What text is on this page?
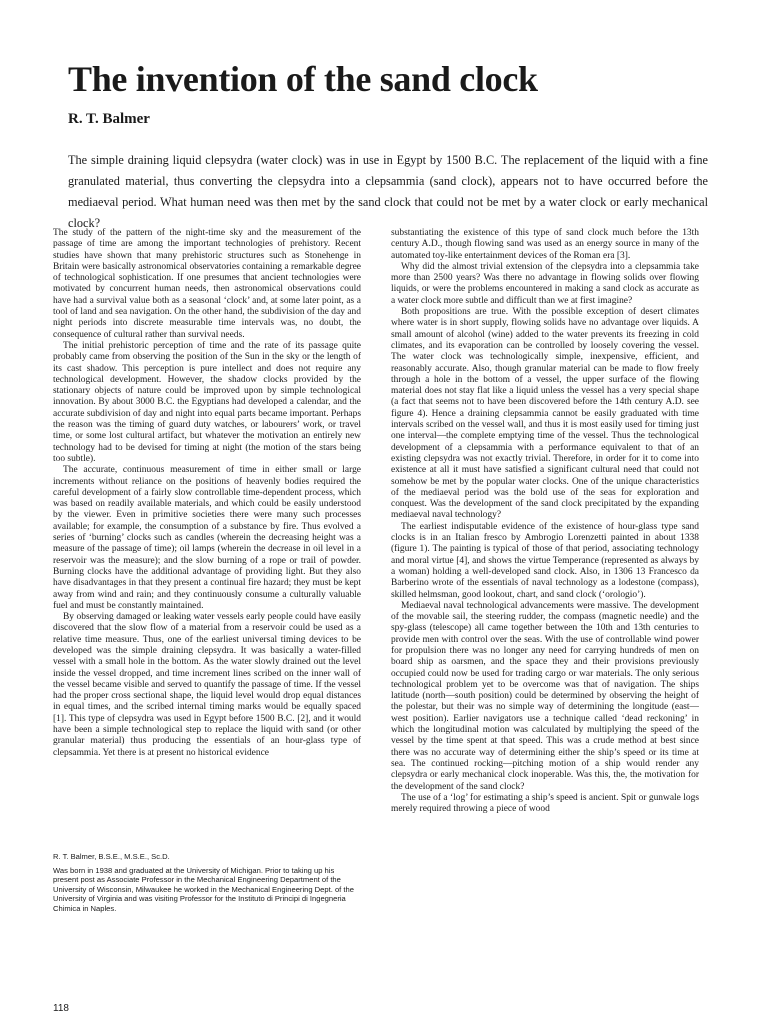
The invention of the sand clock

R. T. Balmer

The simple draining liquid clepsydra (water clock) was in use in Egypt by 1500 B.C. The replacement of the liquid with a fine granulated material, thus converting the clepsydra into a clepsammia (sand clock), appears not to have occurred before the mediaeval period. What human need was then met by the sand clock that could not be met by a water clock or early mechanical clock?

The study of the pattern of the night-time sky and the measurement of the passage of time are among the important technologies of prehistory. Recent studies have shown that many prehistoric structures such as Stonehenge in Britain were basically astronomical observatories containing a remarkable degree of technological sophistication. If one presumes that ancient technologies were motivated by concurrent human needs, then astronomical observations could have had a survival value both as a seasonal ‘clock’ and, at some later point, as a tool of land and sea navigation. On the other hand, the subdivision of the day and night periods into discrete measurable time intervals was, no doubt, the consequence of cultural rather than survival needs.

The initial prehistoric perception of time and the rate of its passage quite probably came from observing the position of the Sun in the sky or the length of its cast shadow. This perception is pure intellect and does not require any technological development. However, the shadow clocks provided by the stationary objects of nature could be improved upon by simple technological innovation. By about 3000 B.C. the Egyptians had developed a calendar, and the accurate subdivision of day and night into equal parts became important. Perhaps the reason was the timing of guard duty watches, or labourers’ work, or travel time, or some lost cultural artifact, but whatever the motivation an entirely new technology had to be devised for timing at night (the motion of the stars being too subtle).

The accurate, continuous measurement of time in either small or large increments without reliance on the positions of heavenly bodies required the careful development of a fairly slow controllable time-dependent process, which was based on readily available materials, and which could be easily understood by the viewer. Even in primitive societies there were many such processes available; for example, the consumption of a substance by fire. Thus evolved a series of ‘burning’ clocks such as candles (wherein the decreasing height was a measure of the passage of time); oil lamps (wherein the decrease in oil level in a reservoir was the measure); and the slow burning of a rope or trail of powder. Burning clocks have the additional advantage of providing light. But they also have disadvantages in that they present a continual fire hazard; they must be kept away from wind and rain; and they continuously consume a culturally valuable fuel and must be constantly maintained.

By observing damaged or leaking water vessels early people could have easily discovered that the slow flow of a material from a reservoir could be used as a relative time measure. Thus, one of the earliest universal timing devices to be developed was the simple draining clepsydra. It was basically a water-filled vessel with a small hole in the bottom. As the water slowly drained out the level inside the vessel dropped, and time increment lines scribed on the inner wall of the vessel became visible and served to quantify the passage of time. If the vessel had the proper cross sectional shape, the liquid level would drop equal distances in equal times, and the scribed internal timing marks would be equally spaced [1]. This type of clepsydra was used in Egypt before 1500 B.C. [2], and it would have been a simple technological step to replace the liquid with sand (or other granular material) thus producing the essentials of an hour-glass type of clepsammia. Yet there is at present no historical evidence

substantiating the existence of this type of sand clock much before the 13th century A.D., though flowing sand was used as an energy source in many of the automated toy-like entertainment devices of the Roman era [3].

Why did the almost trivial extension of the clepsydra into a clepsammia take more than 2500 years? Was there no advantage in flowing solids over flowing liquids, or were the problems encountered in making a sand clock as accurate as a water clock more subtle and difficult than we at first imagine?

Both propositions are true. With the possible exception of desert climates where water is in short supply, flowing solids have no advantage over liquids. A small amount of alcohol (wine) added to the water prevents its freezing in cold climates, and its evaporation can be controlled by loosely covering the vessel. The water clock was technologically simple, inexpensive, efficient, and reasonably accurate. Also, though granular material can be made to flow freely through a hole in the bottom of a vessel, the upper surface of the flowing material does not stay flat like a liquid unless the vessel has a very special shape (a fact that seems not to have been discovered before the 14th century A.D. see figure 4). Hence a draining clepsammia cannot be easily graduated with time intervals scribed on the vessel wall, and thus it is most easily used for timing just one interval—the complete emptying time of the vessel. Thus the technological development of a clepsammia with a performance equivalent to that of an existing clepsydra was not exactly trivial. Therefore, in order for it to come into existence at all it must have satisfied a significant cultural need that could not somehow be met by the popular water clocks. One of the unique characteristics of the mediaeval period was the bold use of the seas for exploration and conquest. Was the development of the sand clock precipitated by the expanding mediaeval naval technology?

The earliest indisputable evidence of the existence of hour-glass type sand clocks is in an Italian fresco by Ambrogio Lorenzetti painted in about 1338 (figure 1). The painting is typical of those of that period, associating technology and moral virtue [4], and shows the virtue Temperance (represented as always by a woman) holding a well-developed sand clock. Also, in 1306 13 Francesco da Barberino wrote of the essentials of naval technology as a lodestone (compass), skilled helmsman, good lookout, chart, and sand clock (‘orologio’).

Mediaeval naval technological advancements were massive. The development of the movable sail, the steering rudder, the compass (magnetic needle) and the spy-glass (telescope) all came together between the 10th and 13th centuries to provide men with control over the seas. With the use of controllable wind power for propulsion there was no longer any need for carrying hundreds of men on board ship as oarsmen, and the space they and their provisions previously occupied could now be used for trading cargo or war materials. The only serious technological problem yet to be overcome was that of navigation. The ships latitude (north—south position) could be determined by observing the height of the polestar, but their was no simple way of determining the longitude (east—west position). Earlier navigators use a technique called ‘dead reckoning’ in which the longitudinal motion was calculated by multiplying the speed of the vessel by the time spent at that speed. This was a crude method at best since there was no accurate way of determining either the ship’s speed or its time at sea. The continued rocking—pitching motion of a ship would render any clepsydra or early mechanical clock inoperable. Was this, the, the motivation for the development of the sand clock?

The use of a ‘log’ for estimating a ship’s speed is ancient. Spit or gunwale logs merely required throwing a piece of wood

R. T. Balmer, B.S.E., M.S.E., Sc.D.

Was born in 1938 and graduated at the University of Michigan. Prior to taking up his present post as Associate Professor in the Mechanical Engineering Department of the University of Wisconsin, Milwaukee he worked in the Mechanical Engineering Dept. of the University of Virginia and was visiting Professor for the Instituto di Principi di Ingegneria Chimica in Naples.

118
